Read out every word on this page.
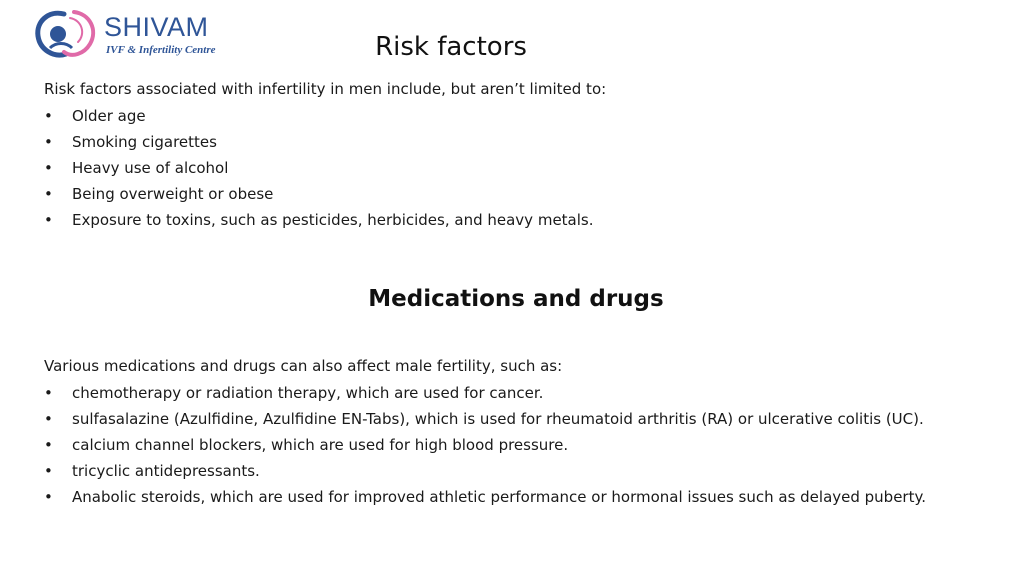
SHIVAM
IVF & Infertility Centre	Risk factors
Risk factors associated with infertility in men include, but aren’t limited to:
• Older age
• Smoking cigarettes
• Heavy use of alcohol
• Being overweight or obese
• Exposure to toxins, such as pesticides, herbicides, and heavy metals.
Medications and drugs
Various medications and drugs can also affect male fertility, such as:
• chemotherapy or radiation therapy, which are used for cancer.
• sulfasalazine (Azulfidine, Azulfidine EN-Tabs), which is used for rheumatoid arthritis (RA) or ulcerative colitis (UC).
• calcium channel blockers, which are used for high blood pressure.
• tricyclic antidepressants.
• Anabolic steroids, which are used for improved athletic performance or hormonal issues such as delayed puberty.
